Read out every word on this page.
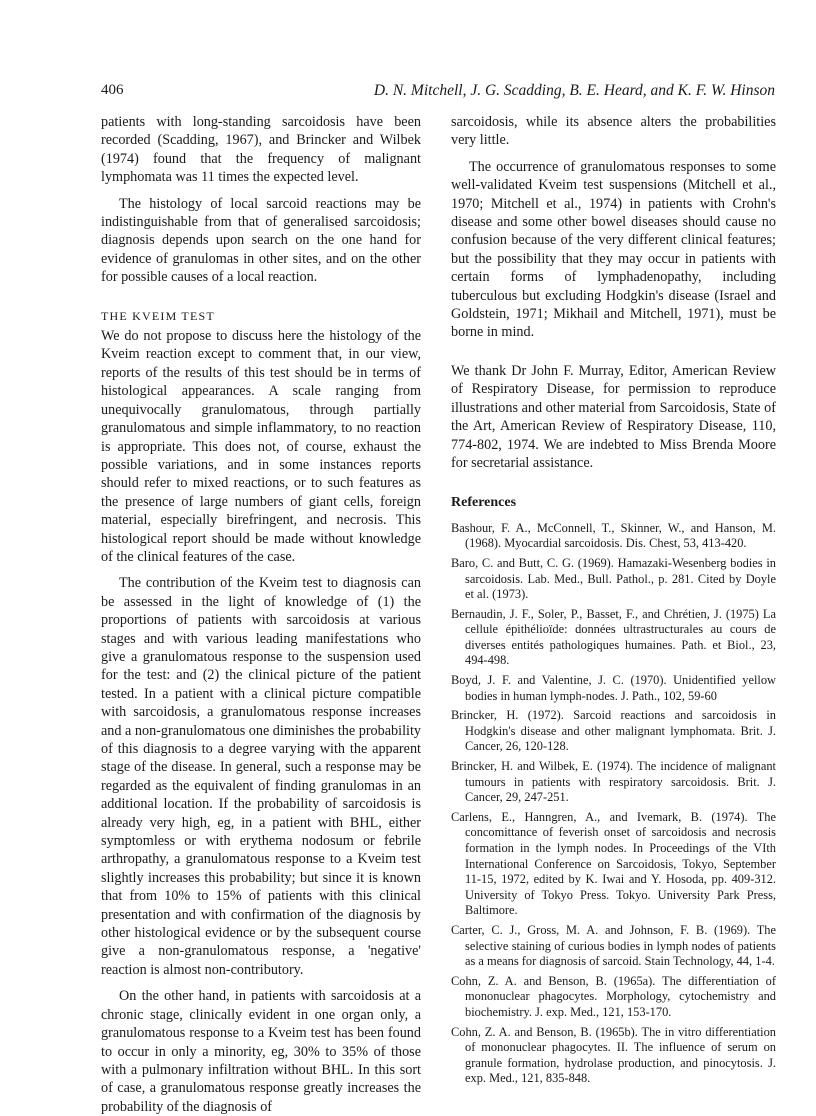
406	D. N. Mitchell, J. G. Scadding, B. E. Heard, and K. F. W. Hinson

patients with long-standing sarcoidosis have been recorded (Scadding, 1967), and Brincker and Wilbek (1974) found that the frequency of malignant lymphomata was 11 times the expected level.

The histology of local sarcoid reactions may be indistinguishable from that of generalised sarcoidosis; diagnosis depends upon search on the one hand for evidence of granulomas in other sites, and on the other for possible causes of a local reaction.

THE KVEIM TEST

We do not propose to discuss here the histology of the Kveim reaction except to comment that, in our view, reports of the results of this test should be in terms of histological appearances. A scale ranging from unequivocally granulomatous, through partially granulomatous and simple inflammatory, to no reaction is appropriate. This does not, of course, exhaust the possible variations, and in some instances reports should refer to mixed reactions, or to such features as the presence of large numbers of giant cells, foreign material, especially birefringent, and necrosis. This histological report should be made without knowledge of the clinical features of the case.

The contribution of the Kveim test to diagnosis can be assessed in the light of knowledge of (1) the proportions of patients with sarcoidosis at various stages and with various leading manifestations who give a granulomatous response to the suspension used for the test: and (2) the clinical picture of the patient tested. In a patient with a clinical picture compatible with sarcoidosis, a granulomatous response increases and a non-granulomatous one diminishes the probability of this diagnosis to a degree varying with the apparent stage of the disease. In general, such a response may be regarded as the equivalent of finding granulomas in an additional location. If the probability of sarcoidosis is already very high, eg, in a patient with BHL, either symptomless or with erythema nodosum or febrile arthropathy, a granulomatous response to a Kveim test slightly increases this probability; but since it is known that from 10% to 15% of patients with this clinical presentation and with confirmation of the diagnosis by other histological evidence or by the subsequent course give a non-granulomatous response, a 'negative' reaction is almost non-contributory.

On the other hand, in patients with sarcoidosis at a chronic stage, clinically evident in one organ only, a granulomatous response to a Kveim test has been found to occur in only a minority, eg, 30% to 35% of those with a pulmonary infiltration without BHL. In this sort of case, a granulomatous response greatly increases the probability of the diagnosis of

sarcoidosis, while its absence alters the probabilities very little.

The occurrence of granulomatous responses to some well-validated Kveim test suspensions (Mitchell et al., 1970; Mitchell et al., 1974) in patients with Crohn's disease and some other bowel diseases should cause no confusion because of the very different clinical features; but the possibility that they may occur in patients with certain forms of lymphadenopathy, including tuberculous but excluding Hodgkin's disease (Israel and Goldstein, 1971; Mikhail and Mitchell, 1971), must be borne in mind.

We thank Dr John F. Murray, Editor, American Review of Respiratory Disease, for permission to reproduce illustrations and other material from Sarcoidosis, State of the Art, American Review of Respiratory Disease, 110, 774-802, 1974. We are indebted to Miss Brenda Moore for secretarial assistance.

References
Bashour, F. A., McConnell, T., Skinner, W., and Hanson, M. (1968). Myocardial sarcoidosis. Dis. Chest, 53, 413-420.
Baro, C. and Butt, C. G. (1969). Hamazaki-Wesenberg bodies in sarcoidosis. Lab. Med., Bull. Pathol., p. 281. Cited by Doyle et al. (1973).
Bernaudin, J. F., Soler, P., Basset, F., and Chrétien, J. (1975) La cellule épithélioïde: données ultrastructurales au cours de diverses entités pathologiques humaines. Path. et Biol., 23, 494-498.
Boyd, J. F. and Valentine, J. C. (1970). Unidentified yellow bodies in human lymph-nodes. J. Path., 102, 59-60
Brincker, H. (1972). Sarcoid reactions and sarcoidosis in Hodgkin's disease and other malignant lymphomata. Brit. J. Cancer, 26, 120-128.
Brincker, H. and Wilbek, E. (1974). The incidence of malignant tumours in patients with respiratory sarcoidosis. Brit. J. Cancer, 29, 247-251.
Carlens, E., Hanngren, A., and Ivemark, B. (1974). The concomittance of feverish onset of sarcoidosis and necrosis formation in the lymph nodes. In Proceedings of the VIth International Conference on Sarcoidosis, Tokyo, September 11-15, 1972, edited by K. Iwai and Y. Hosoda, pp. 409-312. University of Tokyo Press. Tokyo. University Park Press, Baltimore.
Carter, C. J., Gross, M. A. and Johnson, F. B. (1969). The selective staining of curious bodies in lymph nodes of patients as a means for diagnosis of sarcoid. Stain Technology, 44, 1-4.
Cohn, Z. A. and Benson, B. (1965a). The differentiation of mononuclear phagocytes. Morphology, cytochemistry and biochemistry. J. exp. Med., 121, 153-170.
Cohn, Z. A. and Benson, B. (1965b). The in vitro differentiation of mononuclear phagocytes. II. The influence of serum on granule formation, hydrolase production, and pinocytosis. J. exp. Med., 121, 835-848.
